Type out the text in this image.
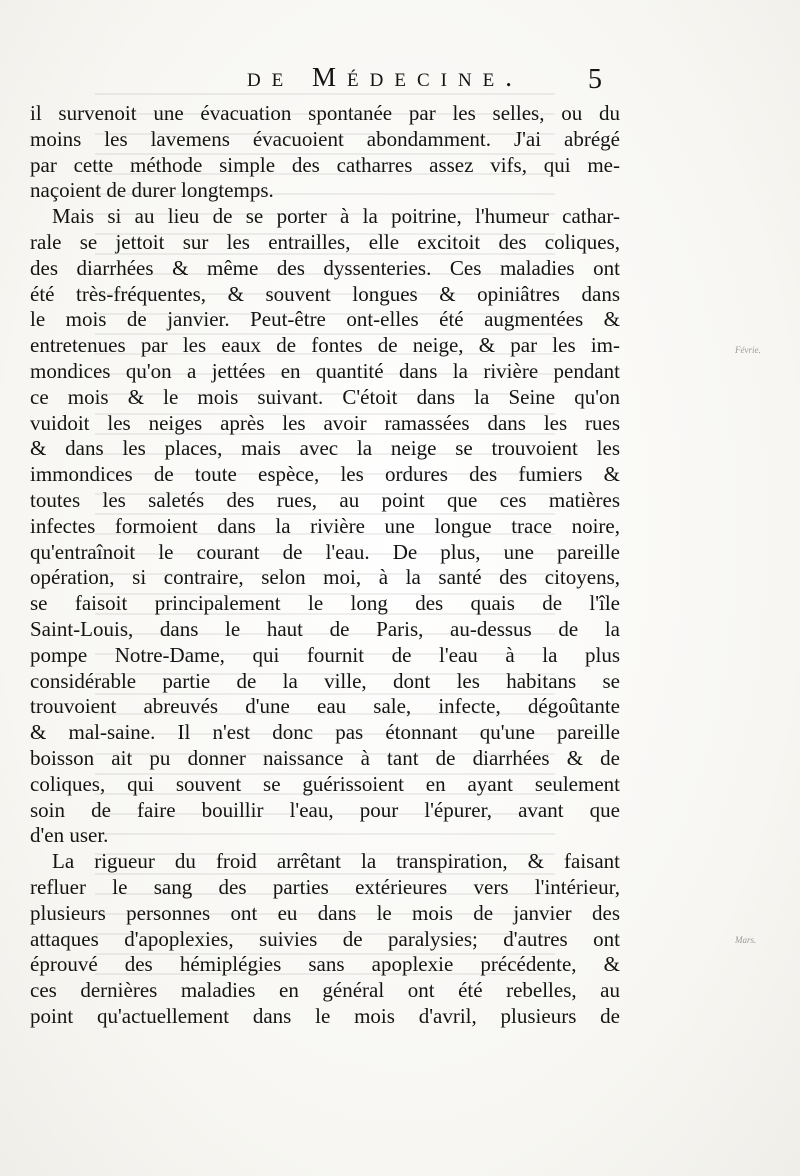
de Médecine.	5
Févrie.
Mars.
il survenoit une évacuation spontanée par les selles, ou du
moins les lavemens évacuoient abondamment. J'ai abrégé
par cette méthode simple des catharres assez vifs, qui me-
naçoient de durer longtemps.
Mais si au lieu de se porter à la poitrine, l'humeur cathar-
rale se jettoit sur les entrailles, elle excitoit des coliques,
des diarrhées & même des dyssenteries. Ces maladies ont
été très-fréquentes, & souvent longues & opiniâtres dans
le mois de janvier. Peut-être ont-elles été augmentées &
entretenues par les eaux de fontes de neige, & par les im-
mondices qu'on a jettées en quantité dans la rivière pendant
ce mois & le mois suivant. C'étoit dans la Seine qu'on
vuidoit les neiges après les avoir ramassées dans les rues
& dans les places, mais avec la neige se trouvoient les
immondices de toute espèce, les ordures des fumiers &
toutes les saletés des rues, au point que ces matières
infectes formoient dans la rivière une longue trace noire,
qu'entraînoit le courant de l'eau. De plus, une pareille
opération, si contraire, selon moi, à la santé des citoyens,
se faisoit principalement le long des quais de l'île
Saint-Louis, dans le haut de Paris, au-dessus de la
pompe Notre-Dame, qui fournit de l'eau à la plus
considérable partie de la ville, dont les habitans se
trouvoient abreuvés d'une eau sale, infecte, dégoûtante
& mal-saine. Il n'est donc pas étonnant qu'une pareille
boisson ait pu donner naissance à tant de diarrhées & de
coliques, qui souvent se guérissoient en ayant seulement
soin de faire bouillir l'eau, pour l'épurer, avant que
d'en user.
La rigueur du froid arrêtant la transpiration, & faisant
refluer le sang des parties extérieures vers l'intérieur,
plusieurs personnes ont eu dans le mois de janvier des
attaques d'apoplexies, suivies de paralysies; d'autres ont
éprouvé des hémiplégies sans apoplexie précédente, &
ces dernières maladies en général ont été rebelles, au
point qu'actuellement dans le mois d'avril, plusieurs de
